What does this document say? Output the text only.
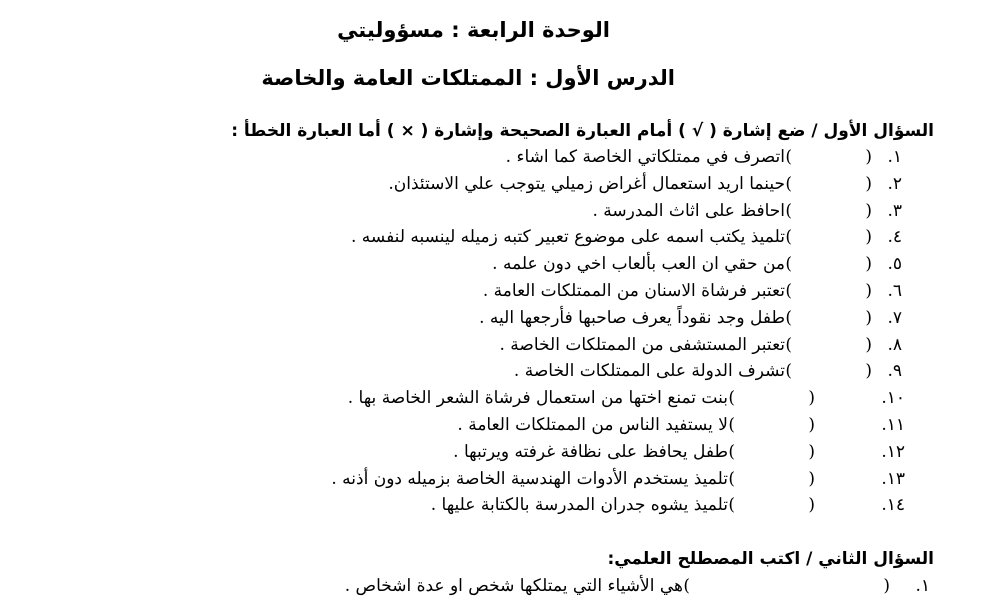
الوحدة الرابعة : مسؤوليتي
الدرس الأول : الممتلكات العامة والخاصة
السؤال الأول / ضع إشارة ( √ ) أمام العبارة الصحيحة وإشارة ( × ) أما العبارة الخطأ :
١.
(
)
اتصرف في ممتلكاتي الخاصة كما اشاء .
٢.
(
)
حينما اريد استعمال أغراض زميلي يتوجب علي الاستئذان.
٣.
(
)
احافظ على اثاث المدرسة .
٤.
(
)
تلميذ يكتب اسمه على موضوع تعبير كتبه زميله لينسبه لنفسه .
٥.
(
)
من حقي ان العب بألعاب اخي دون علمه .
٦.
(
)
تعتبر فرشاة الاسنان من الممتلكات العامة .
٧.
(
)
طفل وجد نقوداً يعرف صاحبها فأرجعها اليه .
٨.
(
)
تعتبر المستشفى من الممتلكات الخاصة .
٩.
(
)
تشرف الدولة على الممتلكات الخاصة .
١٠.
(
)
بنت تمنع اختها من استعمال فرشاة الشعر الخاصة بها .
١١.
(
)
لا يستفيد الناس من الممتلكات العامة .
١٢.
(
)
طفل يحافظ على نظافة غرفته ويرتبها .
١٣.
(
)
تلميذ يستخدم الأدوات الهندسية الخاصة بزميله دون أذنه .
١٤.
(
)
تلميذ يشوه جدران المدرسة بالكتابة عليها .
السؤال الثاني / اكتب المصطلح العلمي:
١.
(
)
هي الأشياء التي يمتلكها شخص او عدة اشخاص .
